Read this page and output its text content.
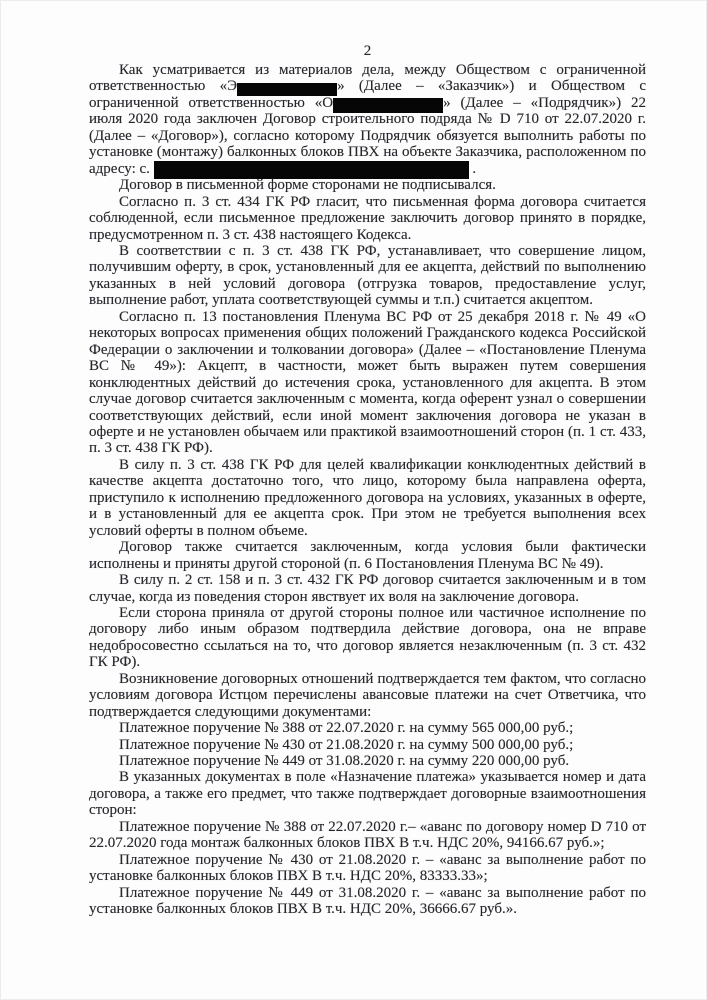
2

Как усматривается из материалов дела, между Обществом с ограниченной ответственностью «Э	» (Далее – «Заказчик») и Обществом с ограниченной ответственностью «О	» (Далее – «Подрядчик») 22 июля 2020 года заключен Договор строительного подряда № D 710 от 22.07.2020 г. (Далее – «Договор»), согласно которому Подрядчик обязуется выполнить работы по установке (монтажу) балконных блоков ПВХ на объекте Заказчика, расположенном по адресу: с.	.

Договор в письменной форме сторонами не подписывался.

Согласно п. 3 ст. 434 ГК РФ гласит, что письменная форма договора считается соблюденной, если письменное предложение заключить договор принято в порядке, предусмотренном п. 3 ст. 438 настоящего Кодекса.

В соответствии с п. 3 ст. 438 ГК РФ, устанавливает, что совершение лицом, получившим оферту, в срок, установленный для ее акцепта, действий по выполнению указанных в ней условий договора (отгрузка товаров, предоставление услуг, выполнение работ, уплата соответствующей суммы и т.п.) считается акцептом.

Согласно п. 13 постановления Пленума ВС РФ от 25 декабря 2018 г. № 49 «О некоторых вопросах применения общих положений Гражданского кодекса Российской Федерации о заключении и толковании договора» (Далее – «Постановление Пленума ВС № 49»): Акцепт, в частности, может быть выражен путем совершения конклюдентных действий до истечения срока, установленного для акцепта. В этом случае договор считается заключенным с момента, когда оферент узнал о совершении соответствующих действий, если иной момент заключения договора не указан в оферте и не установлен обычаем или практикой взаимоотношений сторон (п. 1 ст. 433, п. 3 ст. 438 ГК РФ).

В силу п. 3 ст. 438 ГК РФ для целей квалификации конклюдентных действий в качестве акцепта достаточно того, что лицо, которому была направлена оферта, приступило к исполнению предложенного договора на условиях, указанных в оферте, и в установленный для ее акцепта срок. При этом не требуется выполнения всех условий оферты в полном объеме.

Договор также считается заключенным, когда условия были фактически исполнены и приняты другой стороной (п. 6 Постановления Пленума ВС № 49).

В силу п. 2 ст. 158 и п. 3 ст. 432 ГК РФ договор считается заключенным и в том случае, когда из поведения сторон явствует их воля на заключение договора.

Если сторона приняла от другой стороны полное или частичное исполнение по договору либо иным образом подтвердила действие договора, она не вправе недобросовестно ссылаться на то, что договор является незаключенным (п. 3 ст. 432 ГК РФ).

Возникновение договорных отношений подтверждается тем фактом, что согласно условиям договора Истцом перечислены авансовые платежи на счет Ответчика, что подтверждается следующими документами:

Платежное поручение № 388 от 22.07.2020 г. на сумму 565 000,00 руб.;

Платежное поручение № 430 от 21.08.2020 г. на сумму 500 000,00 руб.;

Платежное поручение № 449 от 31.08.2020 г. на сумму 220 000,00 руб.

В указанных документах в поле «Назначение платежа» указывается номер и дата договора, а также его предмет, что также подтверждает договорные взаимоотношения сторон:

Платежное поручение № 388 от 22.07.2020 г.– «аванс по договору номер D 710 от 22.07.2020 года монтаж балконных блоков ПВХ В т.ч. НДС 20%, 94166.67 руб.»;

Платежное поручение № 430 от 21.08.2020 г. – «аванс за выполнение работ по установке балконных блоков ПВХ В т.ч. НДС 20%, 83333.33»;

Платежное поручение № 449 от 31.08.2020 г. – «аванс за выполнение работ по установке балконных блоков ПВХ В т.ч. НДС 20%, 36666.67 руб.».
